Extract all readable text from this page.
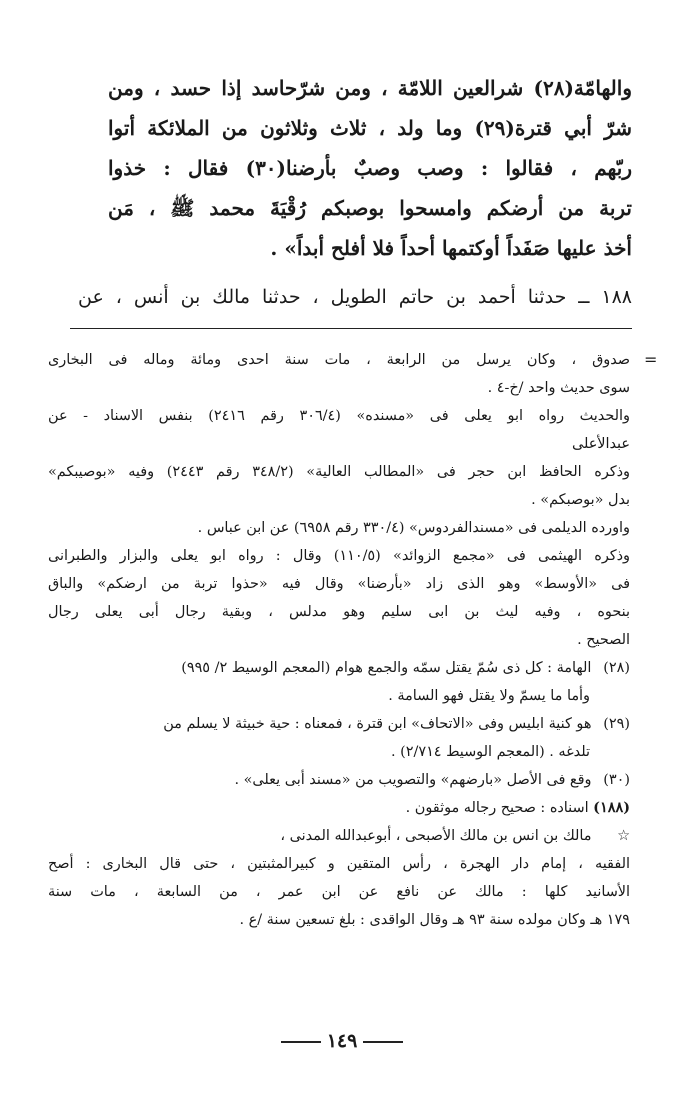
والهامّة(٢٨) شرالعين اللامّة ، ومن شرّحاسد إذا حسد ، ومن
شرّ أبي قترة(٢٩) وما ولد ، ثلاث وثلاثون من الملائكة أتوا
ربّهم ، فقالوا : وصب وصبٌ بأرضنا(٣٠) فقال : خذوا
تربة من أرضكم وامسحوا بوصبكم رُقْيَةَ محمد ﷺ ، مَن
أخذ عليها صَفَداً أوكتمها أحداً فلا أفلح أبداً» .
١٨٨ ــ حدثنا أحمد بن حاتم الطويل ، حدثنا مالك بن أنس ، عن
=
صدوق ، وكان يرسل من الرابعة ، مات سنة احدى ومائة وماله فى البخارى
سوى حديث واحد /خ-٤ .
والحديث رواه ابو يعلى فى «مسنده» (٣٠٦/٤ رقم ٢٤١٦) بنفس الاسناد - عن
عبدالأعلى
وذكره الحافظ ابن حجر فى «المطالب العالية» (٣٤٨/٢ رقم ٢٤٤٣) وفيه «بوصيبكم»
بدل «بوصبكم» .
واورده الديلمى فى «مسندالفردوس» (٣٣٠/٤ رقم ٦٩٥٨) عن ابن عباس .
وذكره الهيثمى فى «مجمع الزوائد» (١١٠/٥) وقال : رواه ابو يعلى والبزار والطبرانى
فى «الأوسط» وهو الذى زاد «بأرضنا» وقال فيه «حذوا تربة من ارضكم» والباق
بنحوه ، وفيه ليث بن ابى سليم وهو مدلس ، وبقية رجال أبى يعلى رجال
الصحيح .
(٢٨) الهامة : كل ذى سُمّ يقتل سمّه والجمع هوام (المعجم الوسيط ٢/ ٩٩٥)
وأما ما يسمّ ولا يقتل فهو السامة .
(٢٩) هو كنية ابليس وفى «الاتحاف» ابن قترة ، فمعناه : حية خبيثة لا يسلم من
تلدغه . (المعجم الوسيط ٢/٧١٤) .
(٣٠) وقع فى الأصل «بارضهم» والتصويب من «مسند أبى يعلى» .
(١٨٨) اسناده : صحيح رجاله موثقون .
☆ مالك بن انس بن مالك الأصبحى ، أبوعبدالله المدنى ،
الفقيه ، إمام دار الهجرة ، رأس المتقين و كبيرالمثبتين ، حتى قال البخارى : أصح
الأسانيد كلها : مالك عن نافع عن ابن عمر ، من السابعة ، مات سنة
١٧٩ هـ وكان مولده سنة ٩٣ هـ وقال الواقدى : بلغ تسعين سنة /ع .
١٤٩
